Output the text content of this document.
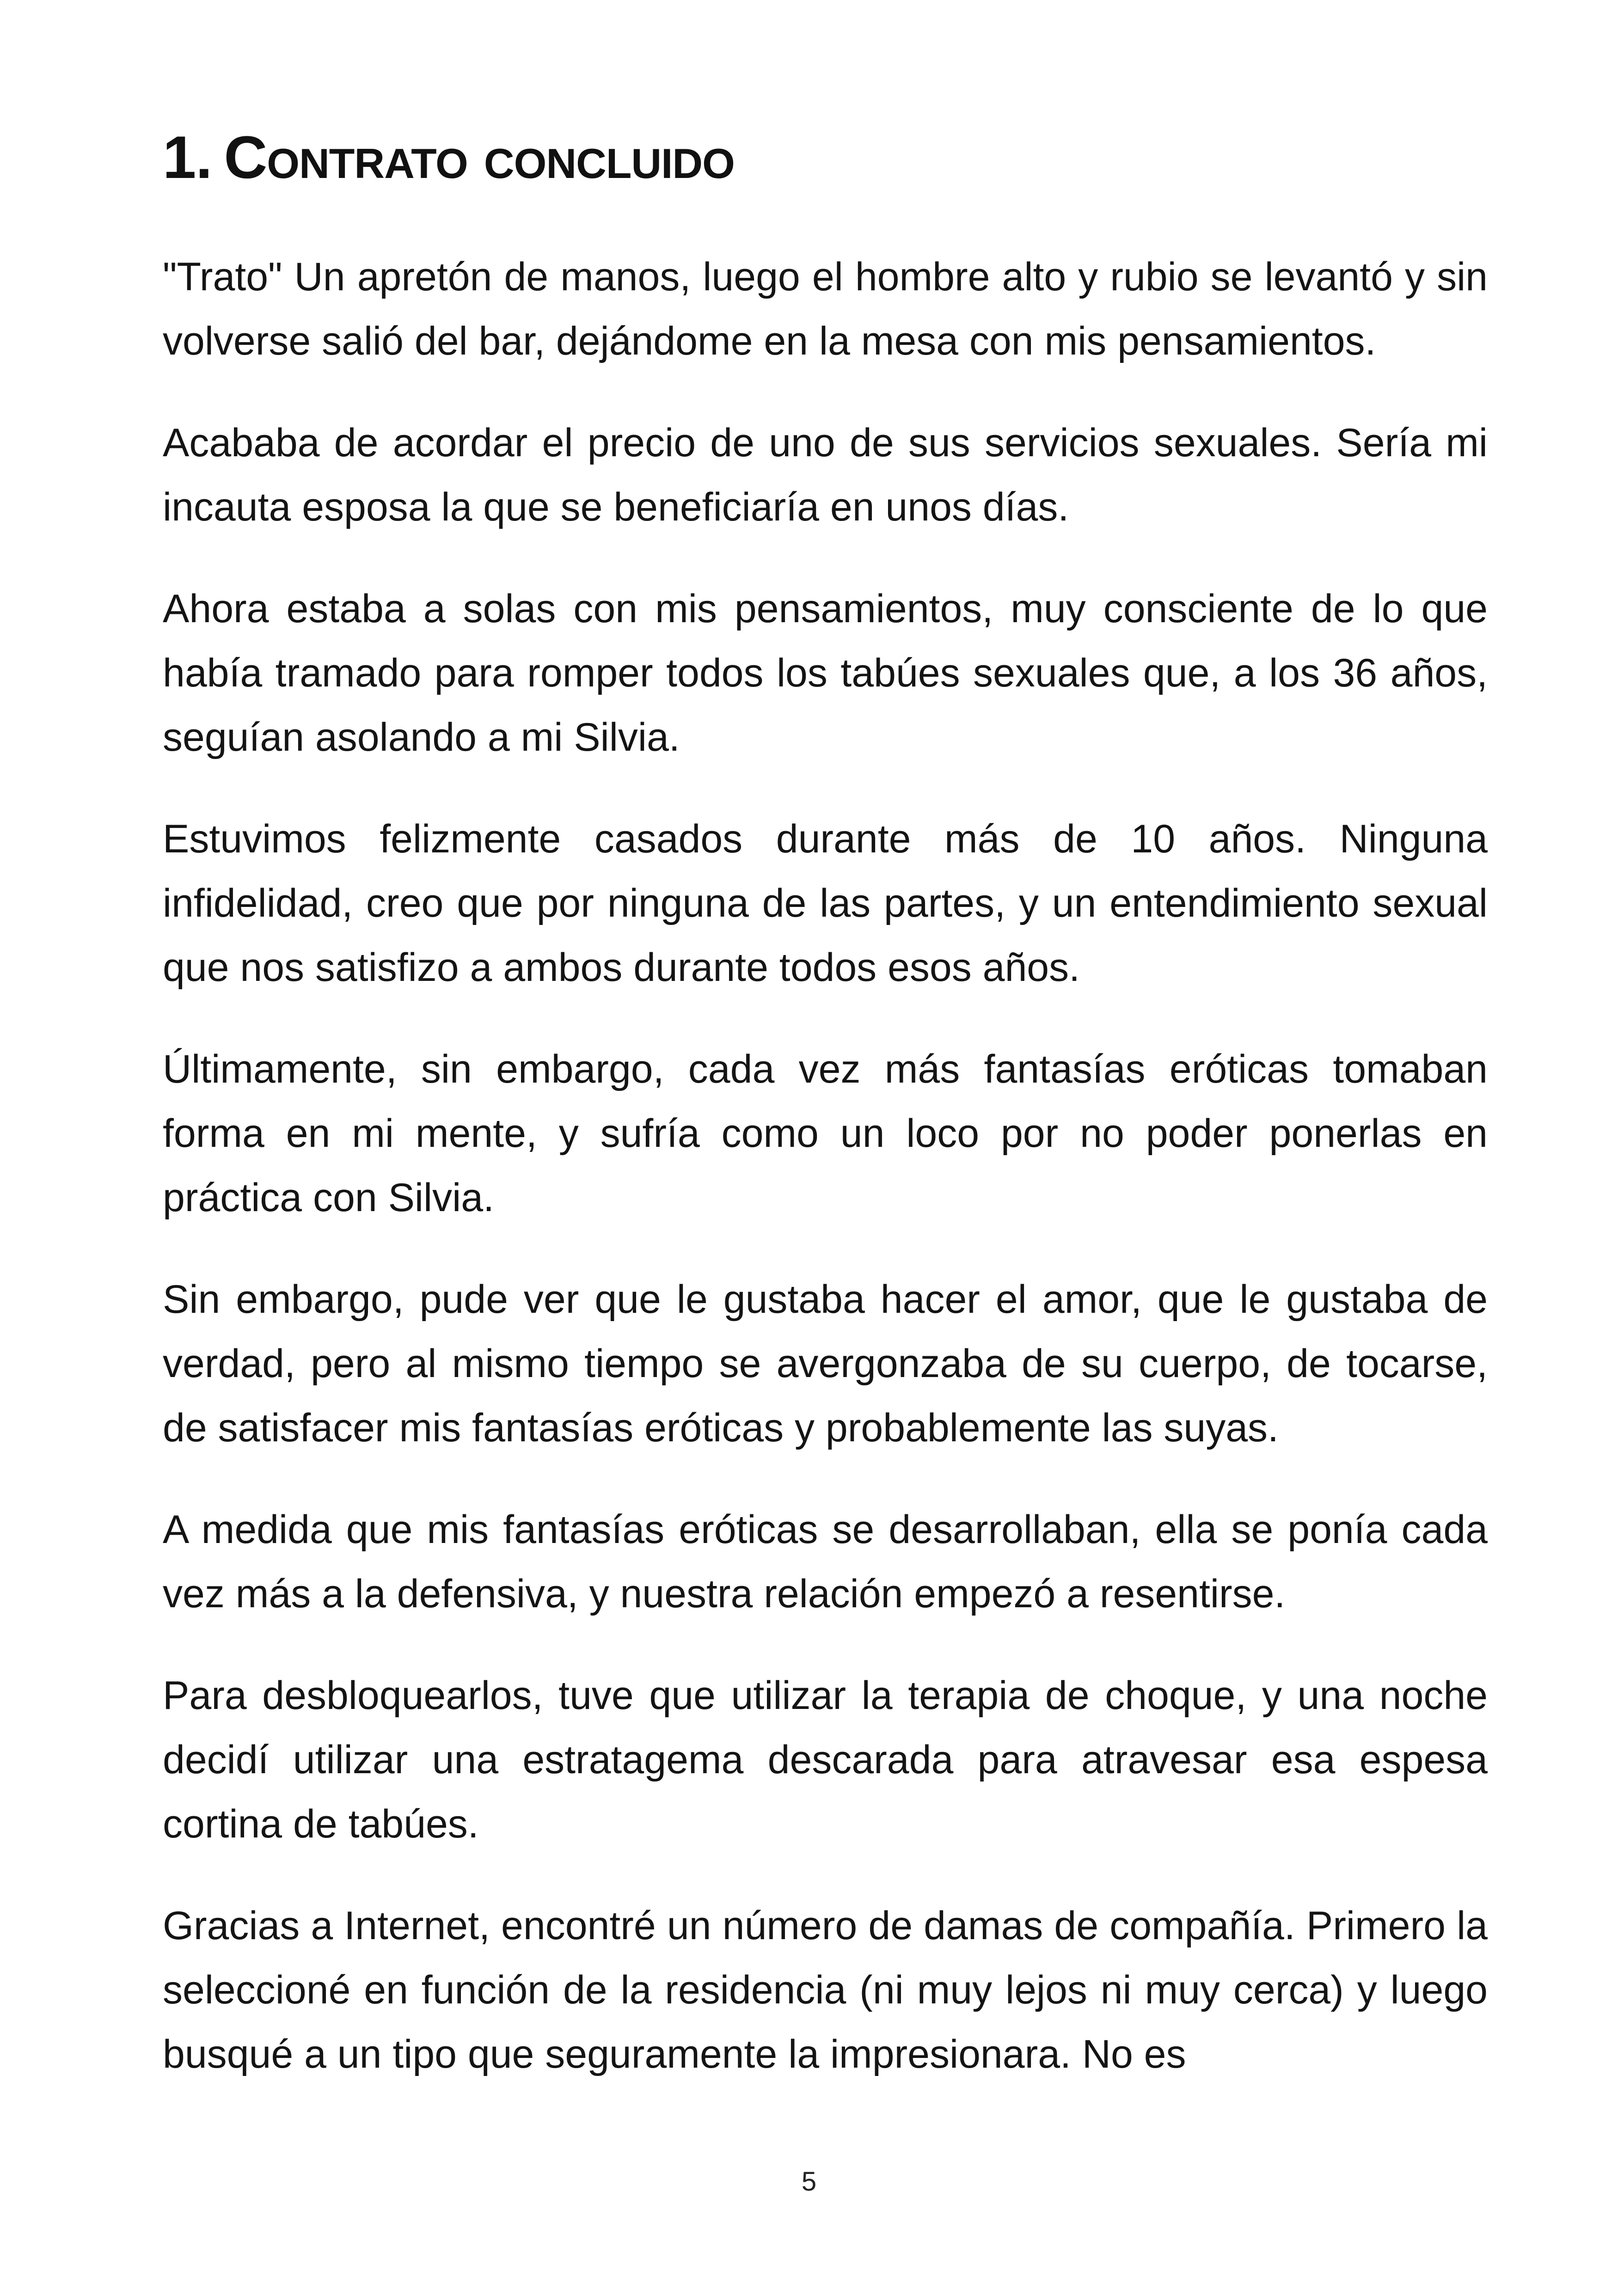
1. Contrato concluido

"Trato" Un apretón de manos, luego el hombre alto y rubio se levantó y sin volverse salió del bar, dejándome en la mesa con mis pensamientos.

Acababa de acordar el precio de uno de sus servicios sexuales. Sería mi incauta esposa la que se beneficiaría en unos días.

Ahora estaba a solas con mis pensamientos, muy consciente de lo que había tramado para romper todos los tabúes sexuales que, a los 36 años, seguían asolando a mi Silvia.

Estuvimos felizmente casados durante más de 10 años. Ninguna infidelidad, creo que por ninguna de las partes, y un entendimiento sexual que nos satisfizo a ambos durante todos esos años.

Últimamente, sin embargo, cada vez más fantasías eróticas tomaban forma en mi mente, y sufría como un loco por no poder ponerlas en práctica con Silvia.

Sin embargo, pude ver que le gustaba hacer el amor, que le gustaba de verdad, pero al mismo tiempo se avergonzaba de su cuerpo, de tocarse, de satisfacer mis fantasías eróticas y probablemente las suyas.

A medida que mis fantasías eróticas se desarrollaban, ella se ponía cada vez más a la defensiva, y nuestra relación empezó a resentirse.

Para desbloquearlos, tuve que utilizar la terapia de choque, y una noche decidí utilizar una estratagema descarada para atravesar esa espesa cortina de tabúes.

Gracias a Internet, encontré un número de damas de compañía. Primero la seleccioné en función de la residencia (ni muy lejos ni muy cerca) y luego busqué a un tipo que seguramente la impresionara. No es

5
